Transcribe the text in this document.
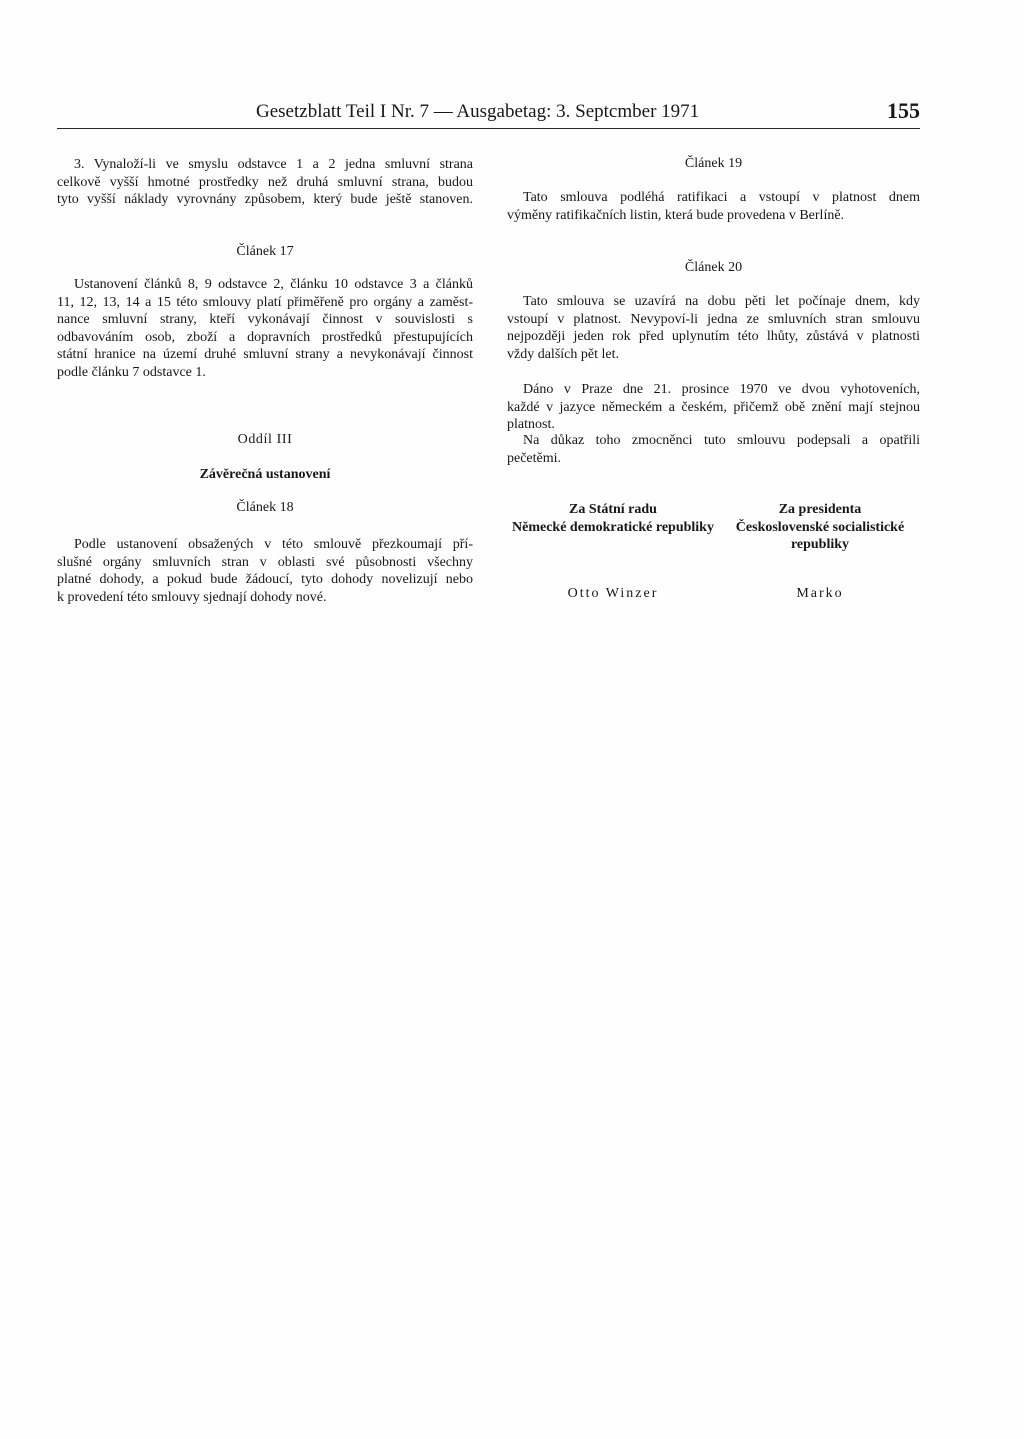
Gesetzblatt Teil I Nr. 7 — Ausgabetag: 3. Septcmber 1971	155
3. Vynaloží-li ve smyslu odstavce 1 a 2 jedna smluvní strana
celkově vyšší hmotné prostředky než druhá smluvní strana, budou
tyto vyšší náklady vyrovnány způsobem, který bude ještě stanoven.
Článek 17
Ustanovení článků 8, 9 odstavce 2, článku 10 odstavce 3 a článků
11, 12, 13, 14 a 15 této smlouvy platí přiměřeně pro orgány a zaměst-
nance smluvní strany, kteří vykonávají činnost v souvislosti s
odbavováním osob, zboží a dopravních prostředků přestupujících
státní hranice na území druhé smluvní strany a nevykonávají činnost
podle článku 7 odstavce 1.
Oddíl III
Závěrečná ustanovení
Článek 18
Podle ustanovení obsažených v této smlouvě přezkoumají pří-
slušné orgány smluvních stran v oblasti své působnosti všechny
platné dohody, a pokud bude žádoucí, tyto dohody novelizují nebo
k provedení této smlouvy sjednají dohody nové.
Článek 19
Tato smlouva podléhá ratifikaci a vstoupí v platnost dnem
výměny ratifikačních listin, která bude provedena v Berlíně.
Článek 20
Tato smlouva se uzavírá na dobu pěti let počínaje dnem, kdy
vstoupí v platnost. Nevypoví-li jedna ze smluvních stran smlouvu
nejpozději jeden rok před uplynutím této lhůty, zůstává v platnosti
vždy dalších pět let.
Dáno v Praze dne 21. prosince 1970 ve dvou vyhotoveních,
každé v jazyce německém a českém, přičemž obě znění mají stejnou
platnost.
Na důkaz toho zmocněnci tuto smlouvu podepsali a opatřili
pečetěmi.
Za Státní radu
Německé demokratické republiky
Za presidenta
Československé socialistické
republiky
Otto Winzer	Marko
